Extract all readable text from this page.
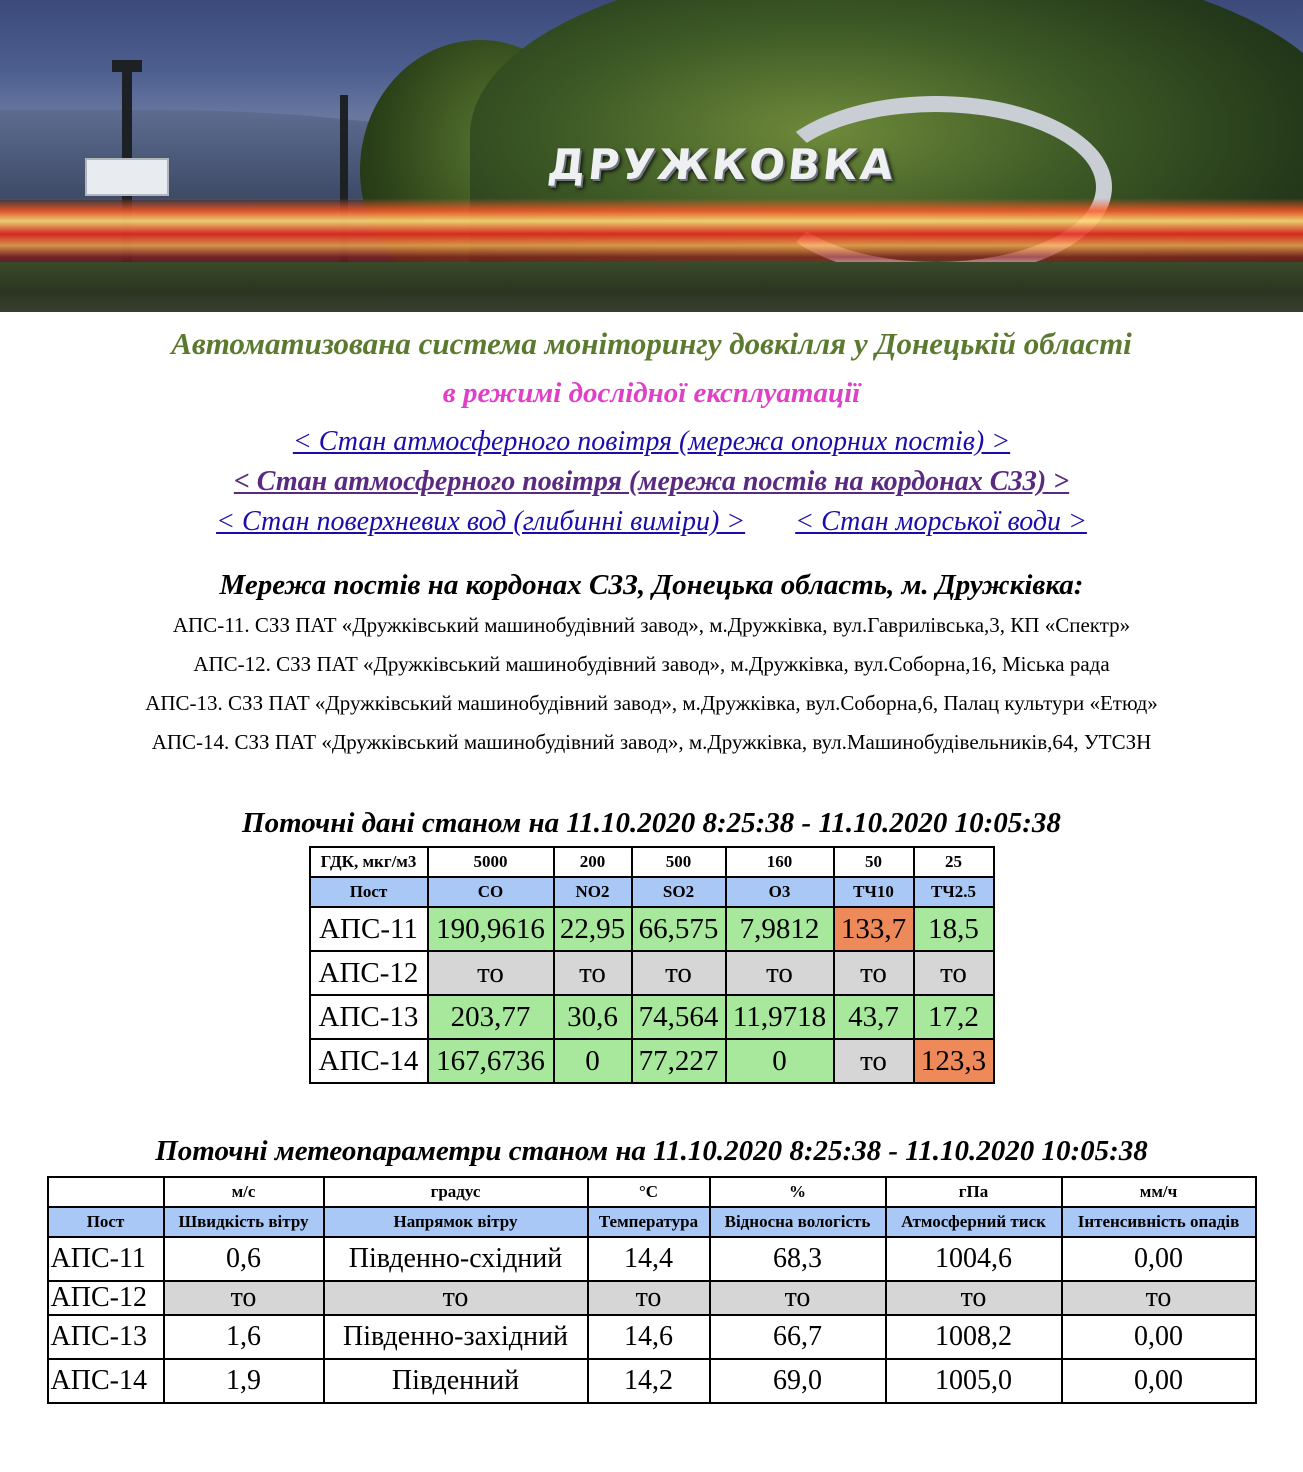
ДРУЖКОВКА
Автоматизована система моніторингу довкілля у Донецькій області
в режимі дослідної експлуатації
< Стан атмосферного повітря (мережа опорних постів) >
< Стан атмосферного повітря (мережа постів на кордонах СЗЗ) >
< Стан поверхневих вод (глибинні виміри) > < Стан морської води >
Мережа постів на кордонах СЗЗ, Донецька область, м. Дружківка:
АПС-11. СЗЗ ПАТ «Дружківський машинобудівний завод», м.Дружківка, вул.Гаврилівська,3, КП «Спектр»
АПС-12. СЗЗ ПАТ «Дружківський машинобудівний завод», м.Дружківка, вул.Соборна,16, Міська рада
АПС-13. СЗЗ ПАТ «Дружківський машинобудівний завод», м.Дружківка, вул.Соборна,6, Палац культури «Етюд»
АПС-14. СЗЗ ПАТ «Дружківський машинобудівний завод», м.Дружківка, вул.Машинобудівельників,64, УТСЗН
Поточні дані станом на 11.10.2020 8:25:38 - 11.10.2020 10:05:38
ГДК, мкг/м3	5000	200	500	160	50	25
Пост	CO	NO2	SO2	O3	ТЧ10	ТЧ2.5
АПС-11	190,9616	22,95	66,575	7,9812	133,7	18,5
АПС-12	то	то	то	то	то	то
АПС-13	203,77	30,6	74,564	11,9718	43,7	17,2
АПС-14	167,6736	0	77,227	0	то	123,3
Поточні метеопараметри станом на 11.10.2020 8:25:38 - 11.10.2020 10:05:38
	м/с	градус	°C	%	гПа	мм/ч
Пост	Швидкість вітру	Напрямок вітру	Температура	Відносна вологість	Атмосферний тиск	Інтенсивність опадів
АПС-11	0,6	Південно-східний	14,4	68,3	1004,6	0,00
АПС-12	то	то	то	то	то	то
АПС-13	1,6	Південно-західний	14,6	66,7	1008,2	0,00
АПС-14	1,9	Південний	14,2	69,0	1005,0	0,00
